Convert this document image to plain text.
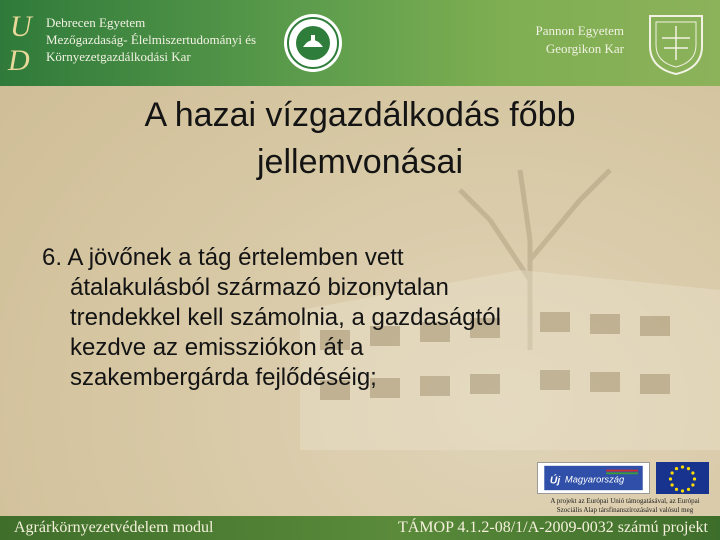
U
D
Debrecen Egyetem
Mezőgazdaság- Élelmiszertudományi és
Környezetgazdálkodási Kar
Pannon Egyetem
Georgikon Kar
A hazai vízgazdálkodás főbb
jellemvonásai
6. A jövőnek a tág értelemben vett
átalakulásból származó bizonytalan
trendekkel kell számolnia, a gazdaságtól
kezdve az emissziókon át a
szakembergárda fejlődéséig;
Új Magyarország
A projekt az Európai Unió támogatásával, az Európai
Szociális Alap társfinanszírozásával valósul meg
Agrárkörnyezetvédelem modul	TÁMOP 4.1.2-08/1/A-2009-0032 számú projekt
